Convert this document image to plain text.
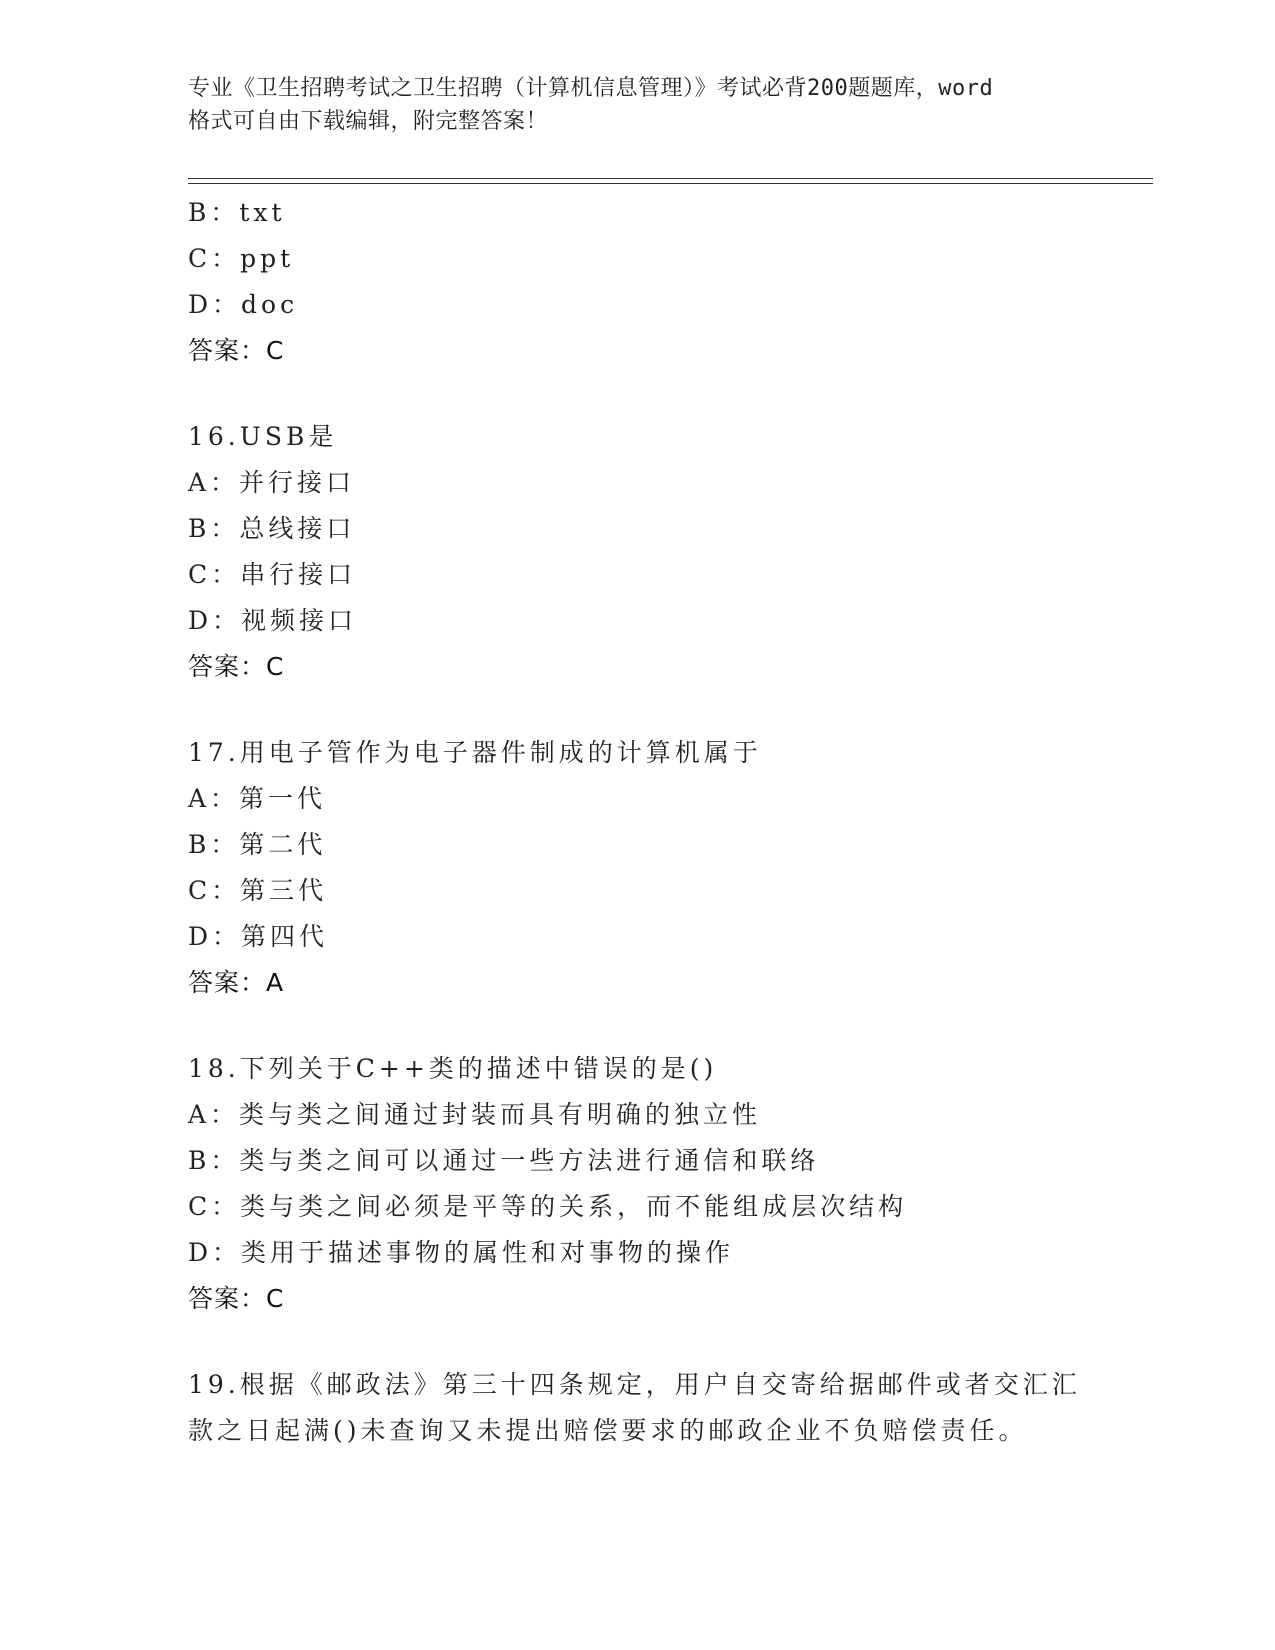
专业《卫生招聘考试之卫生招聘（计算机信息管理）》考试必背200题题库，word
格式可自由下载编辑，附完整答案！
B：txt
C：ppt
D：doc
答案：C
16.USB是
A：并行接口
B：总线接口
C：串行接口
D：视频接口
答案：C
17.用电子管作为电子器件制成的计算机属于
A：第一代
B：第二代
C：第三代
D：第四代
答案：A
18.下列关于C++类的描述中错误的是()
A：类与类之间通过封装而具有明确的独立性
B：类与类之间可以通过一些方法进行通信和联络
C：类与类之间必须是平等的关系，而不能组成层次结构
D：类用于描述事物的属性和对事物的操作
答案：C
19.根据《邮政法》第三十四条规定，用户自交寄给据邮件或者交汇汇
款之日起满()未查询又未提出赔偿要求的邮政企业不负赔偿责任。
